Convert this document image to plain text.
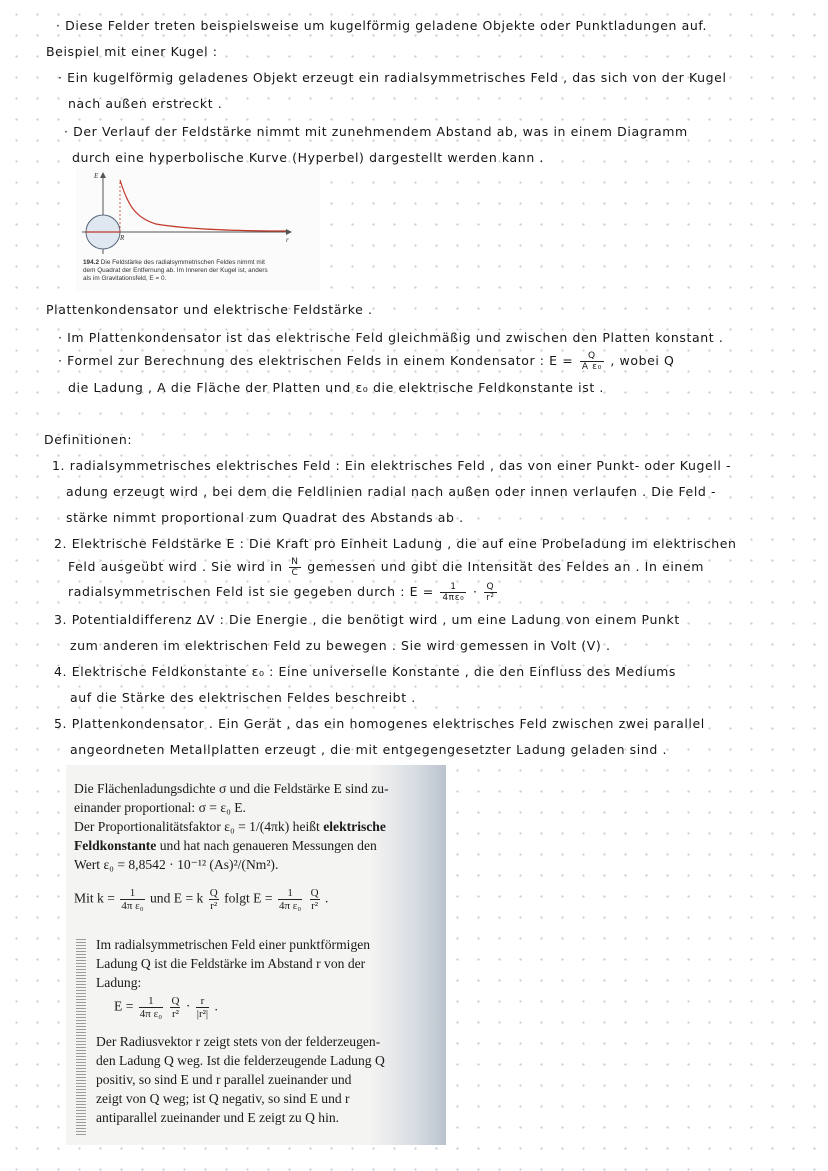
· Diese Felder treten beispielsweise um kugelförmig geladene Objekte oder Punktladungen auf.
Beispiel mit einer Kugel :
· Ein kugelförmig geladenes Objekt erzeugt ein radialsymmetrisches Feld , das sich von der Kugel
nach außen erstreckt .
· Der Verlauf der Feldstärke nimmt mit zunehmendem Abstand ab, was in einem Diagramm
durch eine hyperbolische Kurve (Hyperbel) dargestellt werden kann .
E
r
R
194.2 Die Feldstärke des radialsymmetrischen Feldes nimmt mit
dem Quadrat der Entfernung ab. Im Inneren der Kugel ist, anders
als im Gravitationsfeld, E = 0.
Plattenkondensator und elektrische Feldstärke .
· Im Plattenkondensator ist das elektrische Feld gleichmäßig und zwischen den Platten konstant .
· Formel zur Berechnung des elektrischen Felds in einem Kondensator : $E = \frac{Q}{\text{A ε₀}}$ , wobei Q
die Ladung , A die Fläche der Platten und ε₀ die elektrische Feldkonstante ist .
Definitionen:
1. radialsymmetrisches elektrisches Feld : Ein elektrisches Feld , das von einer Punkt- oder Kugell -
adung erzeugt wird , bei dem die Feldlinien radial nach außen oder innen verlaufen . Die Feld -
stärke nimmt proportional zum Quadrat des Abstands ab .
2. Elektrische Feldstärke E : Die Kraft pro Einheit Ladung , die auf eine Probeladung im elektrischen
Feld ausgeübt wird . Sie wird in $\frac{N}{C}$ gemessen und gibt die Intensität des Feldes an . In einem
radialsymmetrischen Feld ist sie gegeben durch : $E = \frac{1}{\text{4πε₀}} \cdot \frac{Q}{\text{r²}}$
3. Potentialdifferenz ΔV : Die Energie , die benötigt wird , um eine Ladung von einem Punkt
zum anderen im elektrischen Feld zu bewegen . Sie wird gemessen in Volt (V) .
4. Elektrische Feldkonstante ε₀ : Eine universelle Konstante , die den Einfluss des Mediums
auf die Stärke des elektrischen Feldes beschreibt .
5. Plattenkondensator . Ein Gerät , das ein homogenes elektrisches Feld zwischen zwei parallel
angeordneten Metallplatten erzeugt , die mit entgegengesetzter Ladung geladen sind .
Die Flächenladungsdichte σ und die Feldstärke E sind zu-
einander proportional: σ = ε₀ E.
Der Proportionalitätsfaktor ε₀ = 1/(4πk) heißt elektrische
Feldkonstante und hat nach genaueren Messungen den
Wert ε₀ = 8,8542 · 10⁻¹² (As)²/(Nm²).
Mit $k = \frac{1}{\text{4π ε₀}}$ und E = k $\frac{Q}{\text{r²}}$ folgt $E = \frac{1}{\text{4π ε₀}}$
$\frac{Q}{\text{r²}}$ .
Im radialsymmetrischen Feld einer punktförmigen
Ladung Q ist die Feldstärke im Abstand r von der
Ladung:
$E = \frac{1}{\text{4π ε₀}}$
$\frac{Q}{\text{r²}} \cdot \frac{r}{\text{|r²|}}$ .
Der Radiusvektor r zeigt stets von der felderzeugen-
den Ladung Q weg. Ist die felderzeugende Ladung Q
positiv, so sind E und r parallel zueinander und
zeigt von Q weg; ist Q negativ, so sind E und r
antiparallel zueinander und E zeigt zu Q hin.
